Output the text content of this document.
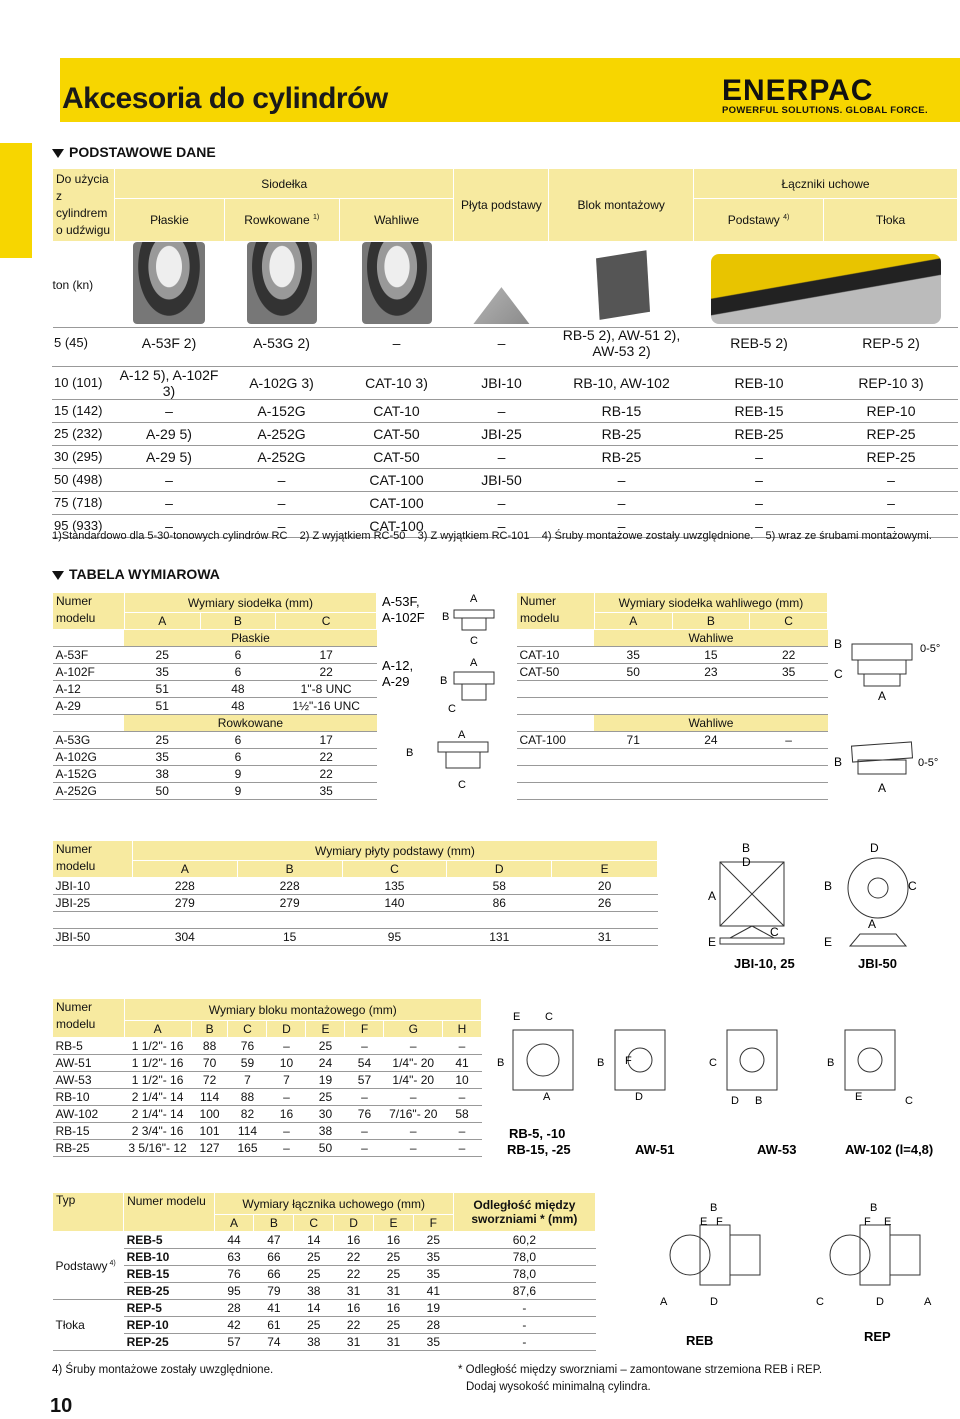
Akcesoria do cylindrów	ENERPAC
POWERFUL SOLUTIONS. GLOBAL FORCE.
PODSTAWOWE DANE
Do użycia z cylindrem o udźwigu	Siodełka			Płyta podstawy	Blok montażowy	Łączniki uchowe	
	Płaskie	Rowkowane $^{1)}$	Wahliwe			Podstawy $^{4)}$	Tłoka
ton (kn)							
5 (45)	A-53F 2)	A-53G 2)	–	–	RB-5 2), AW-51 2), AW-53 2)	REB-5 2)	REP-5 2)
10 (101)	A-12 5), A-102F 3)	A-102G 3)	CAT-10 3)	JBI-10	RB-10, AW-102	REB-10	REP-10 3)
15 (142)	–	A-152G	CAT-10	–	RB-15	REB-15	REP-10
25 (232)	A-29 5)	A-252G	CAT-50	JBI-25	RB-25	REB-25	REP-25
30 (295)	A-29 5)	A-252G	CAT-50	–	RB-25	–	REP-25
50 (498)	–	–	CAT-100	JBI-50	–	–	–
75 (718)	–	–	CAT-100	–	–	–	–
95 (933)	–	–	CAT-100	–	–	–	–
1)Standardowo dla 5-30-tonowych cylindrów RC 2) Z wyjątkiem RC-50 3) Z wyjątkiem RC-101 4) Śruby montażowe zostały uwzględnione. 5) wraz ze śrubami montażowymi.
TABELA WYMIAROWA
Numer modelu	Wymiary siodełka (mm)		
	A	B	C
	Płaskie		
A-53F	25	6	17
A-102F	35	6	22
A-12	51	48	1"-8 UNC
A-29	51	48	1½"-16 UNC
	Rowkowane		
A-53G	25	6	17
A-102G	35	6	22
A-152G	38	9	22
A-252G	50	9	35
A-53F,
A-102F
A-12,
A-29
A
B
C
A
B
C
A
B
C
Numer modelu	Wymiary siodełka wahliwego (mm)		
	A	B	C
	Wahliwe		
CAT-10	35	15	22
CAT-50	50	23	35

	Wahliwe		
CAT-100	71	24	–

B	0-5°
C
A
B	0-5°
A
Numer modelu	Wymiary płyty podstawy (mm)				
	A	B	C	D	E
JBI-10	228	228	135	58	20
JBI-25	279	279	140	86	26

JBI-50	304	15	95	131	31
B
D
A
E
C
D
B	C
E
A
JBI-10, 25	JBI-50
Numer modelu	Wymiary bloku montażowego (mm)							
	A	B	C	D	E	F	G	H
RB-5	1 1/2"- 16	88	76	–	25	–	–	–
AW-51	1 1/2"- 16	70	59	10	24	54	1/4"- 20	41
AW-53	1 1/2"- 16	72	7	7	19	57	1/4"- 20	10
RB-10	2 1/4"- 14	114	88	–	25	–	–	–
AW-102	2 1/4"- 14	100	82	16	30	76	7/16"- 20	58
RB-15	2 3/4"- 16	101	114	–	38	–	–	–
RB-25	3 5/16"- 12	127	165	–	50	–	–	–
E C
B
A
B F
D
C
D B
B
E	C
RB-5, -10
RB-15, -25	AW-51	AW-53	AW-102 (l=4,8)
Typ	Numer modelu	Wymiary łącznika uchowego (mm)						Odległość między sworzniami * (mm)
		A	B	C	D	E	F	
Podstawy $^{4)}$	REB-5	44	47	14	16	16	25	60,2
	REB-10	63	66	25	22	25	35	78,0
	REB-15	76	66	25	22	25	35	78,0
	REB-25	95	79	38	31	31	41	87,6
Tłoka	REP-5	28	41	14	16	16	19	-
	REP-10	42	61	25	22	25	28	-
	REP-25	57	74	38	31	31	35	-
B
E F
A	D
B
F E
C	D	A
REB	REP
4) Śruby montażowe zostały uwzględnione.	* Odległość między sworzniami – zamontowane strzemiona REB i REP.
Dodaj wysokość minimalną cylindra.
10
